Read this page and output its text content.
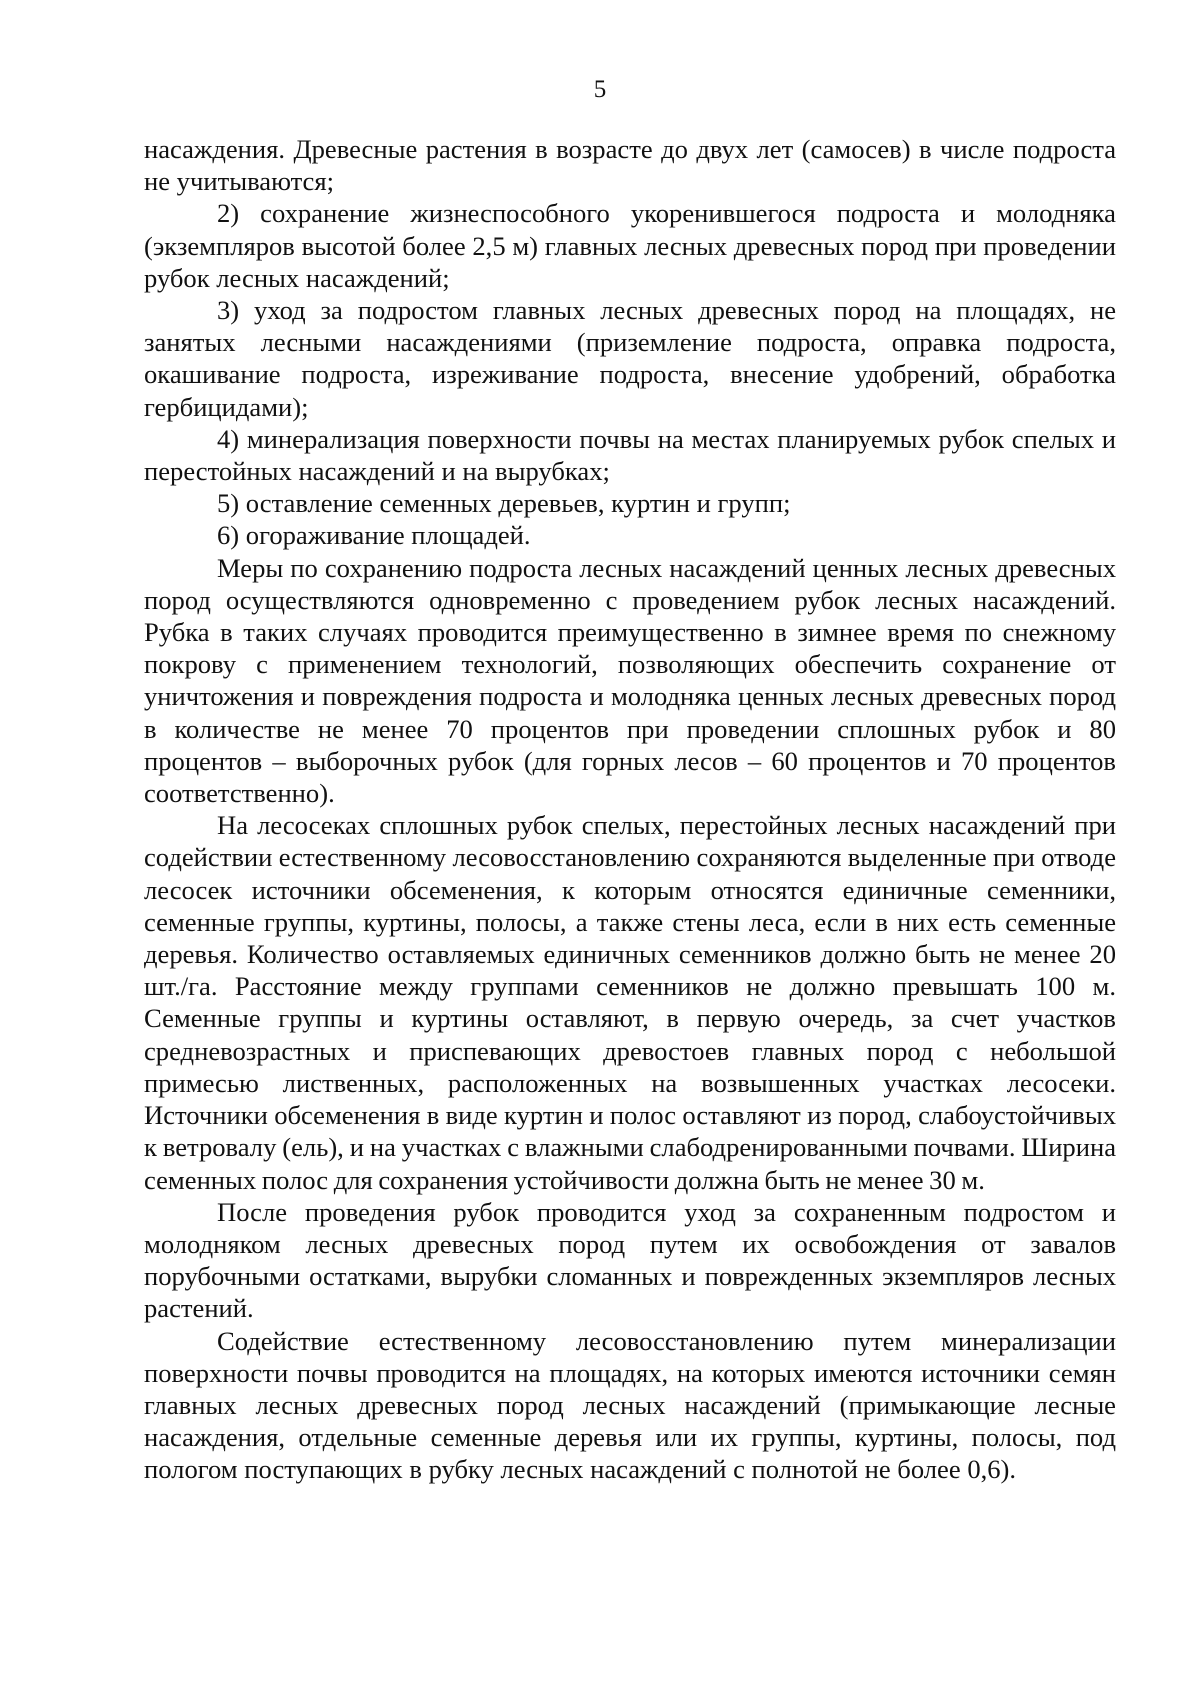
5

насаждения. Древесные растения в возрасте до двух лет (самосев) в числе подроста не учитываются;

2) сохранение жизнеспособного укоренившегося подроста и молодняка (экземпляров высотой более 2,5 м) главных лесных древесных пород при проведении рубок лесных насаждений;

3) уход за подростом главных лесных древесных пород на площадях, не занятых лесными насаждениями (приземление подроста, оправка подроста, окашивание подроста, изреживание подроста, внесение удобрений, обработка гербицидами);

4) минерализация поверхности почвы на местах планируемых рубок спелых и перестойных насаждений и на вырубках;

5) оставление семенных деревьев, куртин и групп;

6) огораживание площадей.

Меры по сохранению подроста лесных насаждений ценных лесных древесных пород осуществляются одновременно с проведением рубок лесных насаждений. Рубка в таких случаях проводится преимущественно в зимнее время по снежному покрову с применением технологий, позволяющих обеспечить сохранение от уничтожения и повреждения подроста и молодняка ценных лесных древесных пород в количестве не менее 70 процентов при проведении сплошных рубок и 80 процентов – выборочных рубок (для горных лесов – 60 процентов и 70 процентов соответственно).

На лесосеках сплошных рубок спелых, перестойных лесных насаждений при содействии естественному лесовосстановлению сохраняются выделенные при отводе лесосек источники обсеменения, к которым относятся единичные семенники, семенные группы, куртины, полосы, а также стены леса, если в них есть семенные деревья. Количество оставляемых единичных семенников должно быть не менее 20 шт./га. Расстояние между группами семенников не должно превышать 100 м. Семенные группы и куртины оставляют, в первую очередь, за счет участков средневозрастных и приспевающих древостоев главных пород с небольшой примесью лиственных, расположенных на возвышенных участках лесосеки. Источники обсеменения в виде куртин и полос оставляют из пород, слабоустойчивых к ветровалу (ель), и на участках с влажными слабодренированными почвами. Ширина семенных полос для сохранения устойчивости должна быть не менее 30 м.

После проведения рубок проводится уход за сохраненным подростом и молодняком лесных древесных пород путем их освобождения от завалов порубочными остатками, вырубки сломанных и поврежденных экземпляров лесных растений.

Содействие естественному лесовосстановлению путем минерализации поверхности почвы проводится на площадях, на которых имеются источники семян главных лесных древесных пород лесных насаждений (примыкающие лесные насаждения, отдельные семенные деревья или их группы, куртины, полосы, под пологом поступающих в рубку лесных насаждений с полнотой не более 0,6).
